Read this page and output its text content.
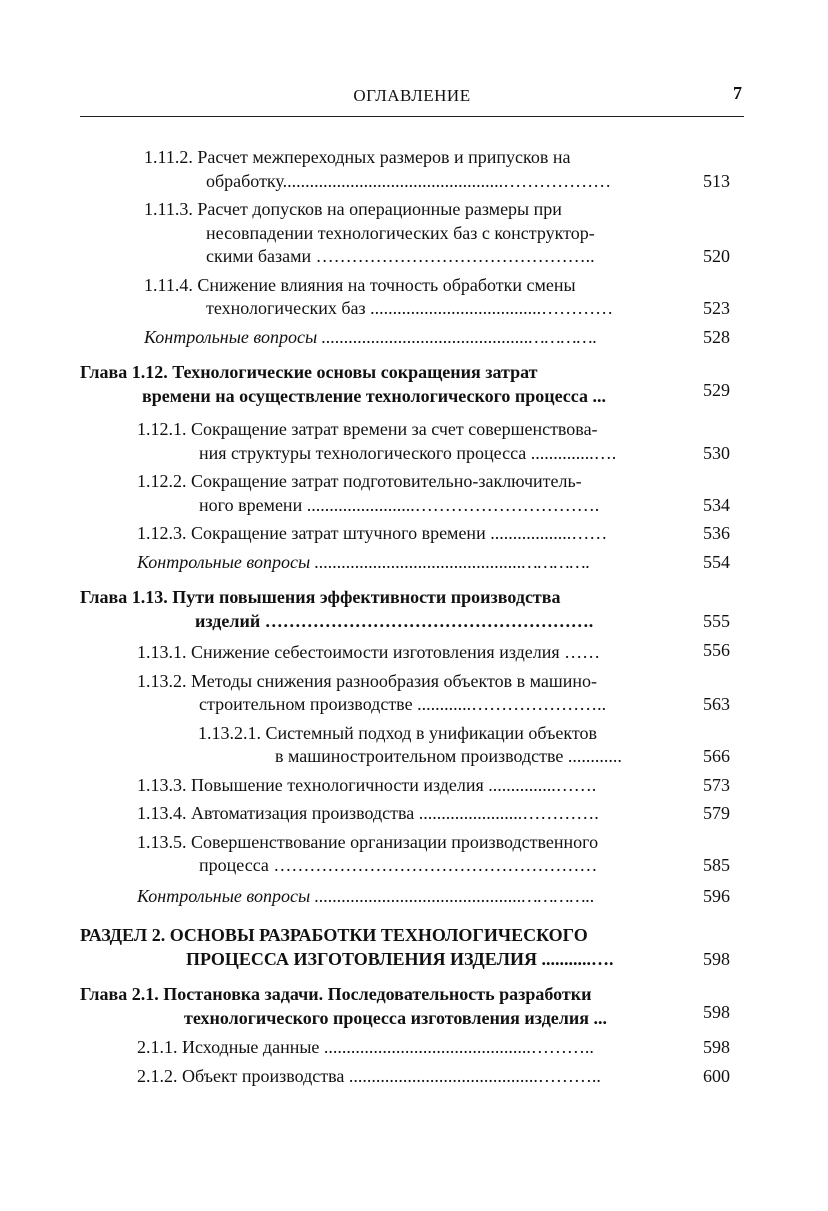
ОГЛАВЛЕНИЕ	7
1.11.2. Расчет межпереходных размеров и припусков на
обработку.................................................………………	513
1.11.3. Расчет допусков на операционные размеры при
несовпадении технологических баз с конструктор-
скими базами ………………………………………..	520
1.11.4. Снижение влияния на точность обработки смены
технологических баз ......................................…………	523
Контрольные вопросы ..............................................………….	528
Глава 1.12. Технологические основы сокращения затрат
времени на осуществление технологического процесса ...	529
1.12.1. Сокращение затрат времени за счет совершенствова-
ния структуры технологического процесса ..............….	530
1.12.2. Сокращение затрат подготовительно-заключитель-
ного времени ........................………………………….	534
1.12.3. Сокращение затрат штучного времени ..................……	536
Контрольные вопросы ..............................................………….	554
Глава 1.13. Пути повышения эффективности производства
изделий ……………………………………………….	555
1.13.1. Снижение себестоимости изготовления изделия ……	556
1.13.2. Методы снижения разнообразия объектов в машино-
строительном производстве ............…………………..	563
1.13.2.1. Системный подход в унификации объектов
в машиностроительном производстве ............	566
1.13.3. Повышение технологичности изделия ...............…….	573
1.13.4. Автоматизация производства .......................………….	579
1.13.5. Совершенствование организации производственного
процесса ………………………………………………	585
Контрольные вопросы ..............................................…………..	596
РАЗДЕЛ 2. ОСНОВЫ РАЗРАБОТКИ ТЕХНОЛОГИЧЕСКОГО
ПРОЦЕССА ИЗГОТОВЛЕНИЯ ИЗДЕЛИЯ ...........….	598
Глава 2.1. Постановка задачи. Последовательность разработки
технологического процесса изготовления изделия ...	598
2.1.1. Исходные данные ..............................................………..	598
2.1.2. Объект производства ..........................................………..	600
